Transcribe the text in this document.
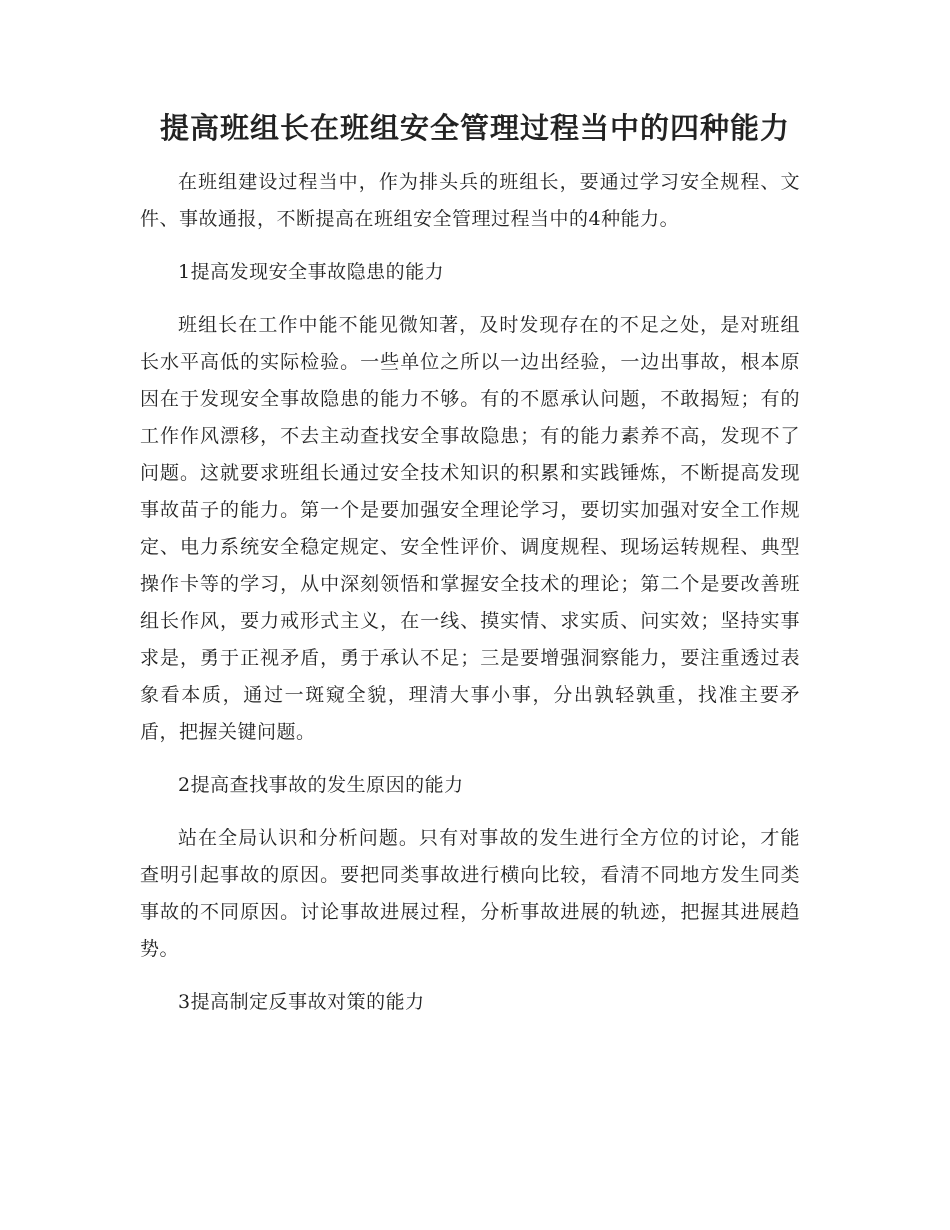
提高班组长在班组安全管理过程当中的四种能力

在班组建设过程当中，作为排头兵的班组长，要通过学习安全规程、文件、事故通报，不断提高在班组安全管理过程当中的4种能力。

1提高发现安全事故隐患的能力

班组长在工作中能不能见微知著，及时发现存在的不足之处，是对班组长水平高低的实际检验。一些单位之所以一边出经验，一边出事故，根本原因在于发现安全事故隐患的能力不够。有的不愿承认问题，不敢揭短；有的工作作风漂移，不去主动查找安全事故隐患；有的能力素养不高，发现不了问题。这就要求班组长通过安全技术知识的积累和实践锤炼，不断提高发现事故苗子的能力。第一个是要加强安全理论学习，要切实加强对安全工作规定、电力系统安全稳定规定、安全性评价、调度规程、现场运转规程、典型操作卡等的学习，从中深刻领悟和掌握安全技术的理论；第二个是要改善班组长作风，要力戒形式主义，在一线、摸实情、求实质、问实效；坚持实事求是，勇于正视矛盾，勇于承认不足；三是要增强洞察能力，要注重透过表象看本质，通过一斑窥全貌，理清大事小事，分出孰轻孰重，找准主要矛盾，把握关键问题。

2提高查找事故的发生原因的能力

站在全局认识和分析问题。只有对事故的发生进行全方位的讨论，才能查明引起事故的原因。要把同类事故进行横向比较，看清不同地方发生同类事故的不同原因。讨论事故进展过程，分析事故进展的轨迹，把握其进展趋势。

3提高制定反事故对策的能力
